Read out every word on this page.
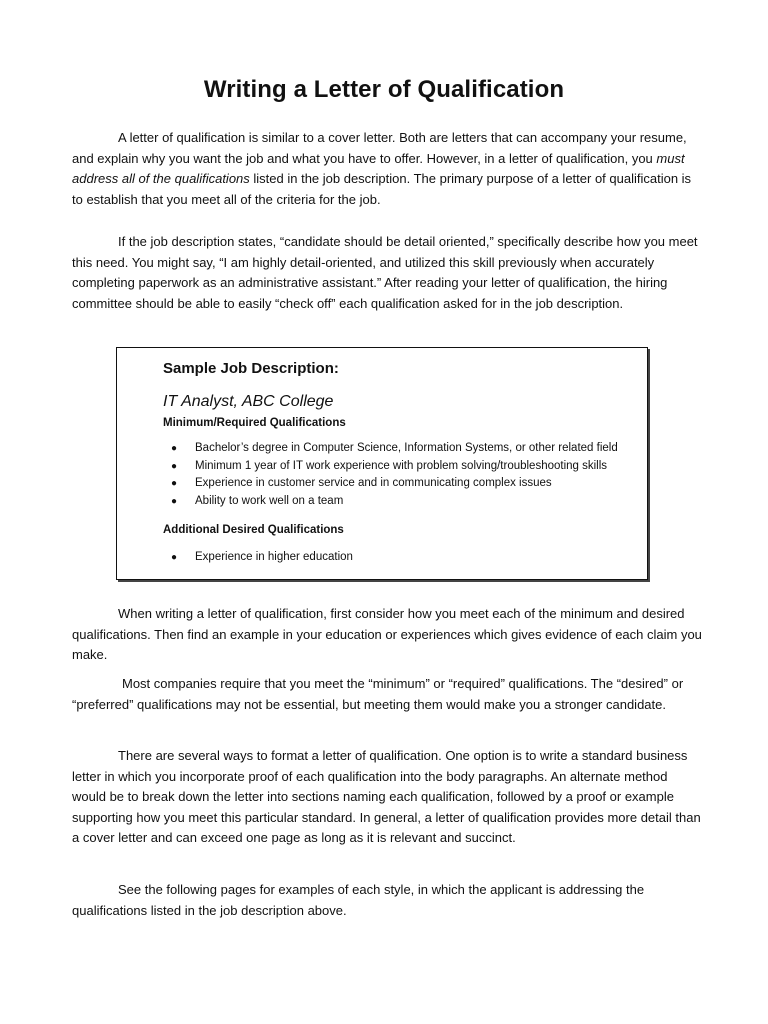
Writing a Letter of Qualification

A letter of qualification is similar to a cover letter. Both are letters that can accompany your resume, and explain why you want the job and what you have to offer. However, in a letter of qualification, you must address all of the qualifications listed in the job description. The primary purpose of a letter of qualification is to establish that you meet all of the criteria for the job.

If the job description states, “candidate should be detail oriented,” specifically describe how you meet this need. You might say, “I am highly detail-oriented, and utilized this skill previously when accurately completing paperwork as an administrative assistant.” After reading your letter of qualification, the hiring committee should be able to easily “check off” each qualification asked for in the job description.

Sample Job Description:

IT Analyst, ABC College

Minimum/Required Qualifications
● Bachelor’s degree in Computer Science, Information Systems, or other related field
● Minimum 1 year of IT work experience with problem solving/troubleshooting skills
● Experience in customer service and in communicating complex issues
● Ability to work well on a team
Additional Desired Qualifications
● Experience in higher education

When writing a letter of qualification, first consider how you meet each of the minimum and desired qualifications. Then find an example in your education or experiences which gives evidence of each claim you make.

Most companies require that you meet the “minimum” or “required” qualifications. The “desired” or “preferred” qualifications may not be essential, but meeting them would make you a stronger candidate.

There are several ways to format a letter of qualification. One option is to write a standard business letter in which you incorporate proof of each qualification into the body paragraphs. An alternate method would be to break down the letter into sections naming each qualification, followed by a proof or example supporting how you meet this particular standard. In general, a letter of qualification provides more detail than a cover letter and can exceed one page as long as it is relevant and succinct.

See the following pages for examples of each style, in which the applicant is addressing the qualifications listed in the job description above.
